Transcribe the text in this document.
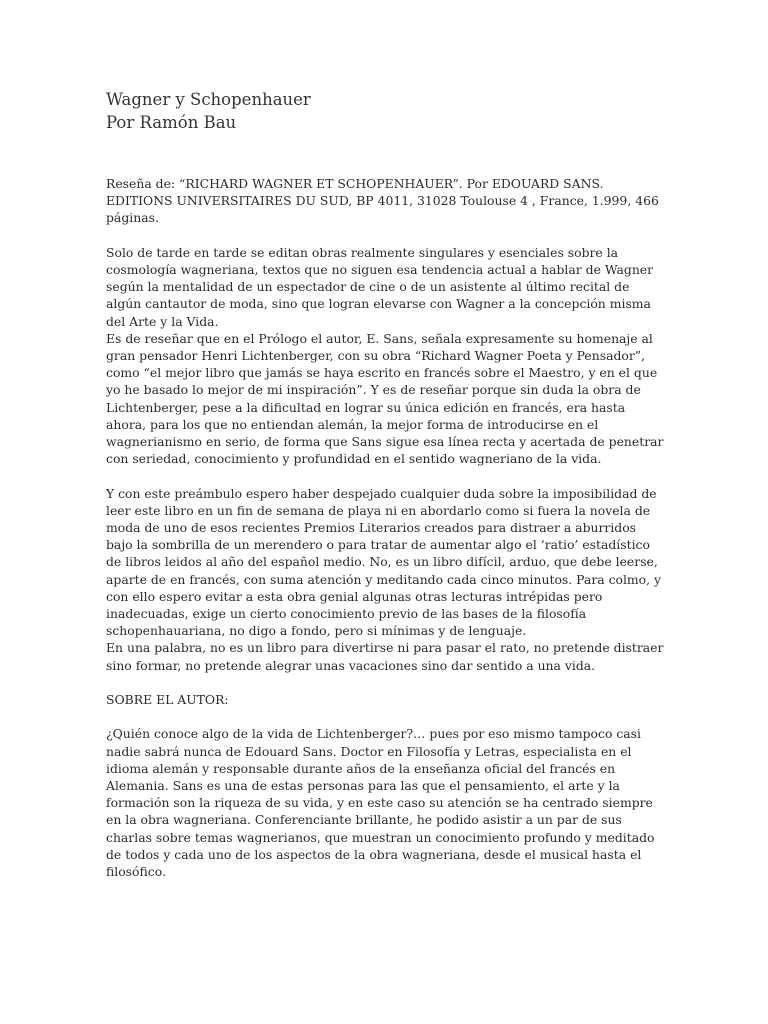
Wagner y Schopenhauer
Por Ramón Bau

Reseña de: “RICHARD WAGNER ET SCHOPENHAUER”. Por EDOUARD SANS. EDITIONS UNIVERSITAIRES DU SUD, BP 4011, 31028 Toulouse 4 , France, 1.999, 466 páginas.

Solo de tarde en tarde se editan obras realmente singulares y esenciales sobre la cosmología wagneriana, textos que no siguen esa tendencia actual a hablar de Wagner según la mentalidad de un espectador de cine o de un asistente al último recital de algún cantautor de moda, sino que logran elevarse con Wagner a la concepción misma del Arte y la Vida.

Es de reseñar que en el Prólogo el autor, E. Sans, señala expresamente su homenaje al gran pensador Henri Lichtenberger, con su obra “Richard Wagner Poeta y Pensador”, como “el mejor libro que jamás se haya escrito en francés sobre el Maestro, y en el que yo he basado lo mejor de mi inspiración”. Y es de reseñar porque sin duda la obra de Lichtenberger, pese a la dificultad en lograr su única edición en francés, era hasta ahora, para los que no entiendan alemán, la mejor forma de introducirse en el wagnerianismo en serio, de forma que Sans sigue esa línea recta y acertada de penetrar con seriedad, conocimiento y profundidad en el sentido wagneriano de la vida.

Y con este preámbulo espero haber despejado cualquier duda sobre la imposibilidad de leer este libro en un fin de semana de playa ni en abordarlo como si fuera la novela de moda de uno de esos recientes Premios Literarios creados para distraer a aburridos bajo la sombrilla de un merendero o para tratar de aumentar algo el ‘ratio’ estadístico de libros leidos al año del español medio. No, es un libro difícil, arduo, que debe leerse, aparte de en francés, con suma atención y meditando cada cinco minutos. Para colmo, y con ello espero evitar a esta obra genial algunas otras lecturas intrépidas pero inadecuadas, exige un cierto conocimiento previo de las bases de la filosofía schopenhauariana, no digo a fondo, pero si mínimas y de lenguaje.

En una palabra, no es un libro para divertirse ni para pasar el rato, no pretende distraer sino formar, no pretende alegrar unas vacaciones sino dar sentido a una vida.

SOBRE EL AUTOR:

¿Quién conoce algo de la vida de Lichtenberger?… pues por eso mismo tampoco casi nadie sabrá nunca de Edouard Sans. Doctor en Filosofía y Letras, especialista en el idioma alemán y responsable durante años de la enseñanza oficial del francés en Alemania. Sans es una de estas personas para las que el pensamiento, el arte y la formación son la riqueza de su vida, y en este caso su atención se ha centrado siempre en la obra wagneriana. Conferenciante brillante, he podido asistir a un par de sus charlas sobre temas wagnerianos, que muestran un conocimiento profundo y meditado de todos y cada uno de los aspectos de la obra wagneriana, desde el musical hasta el filosófico.
